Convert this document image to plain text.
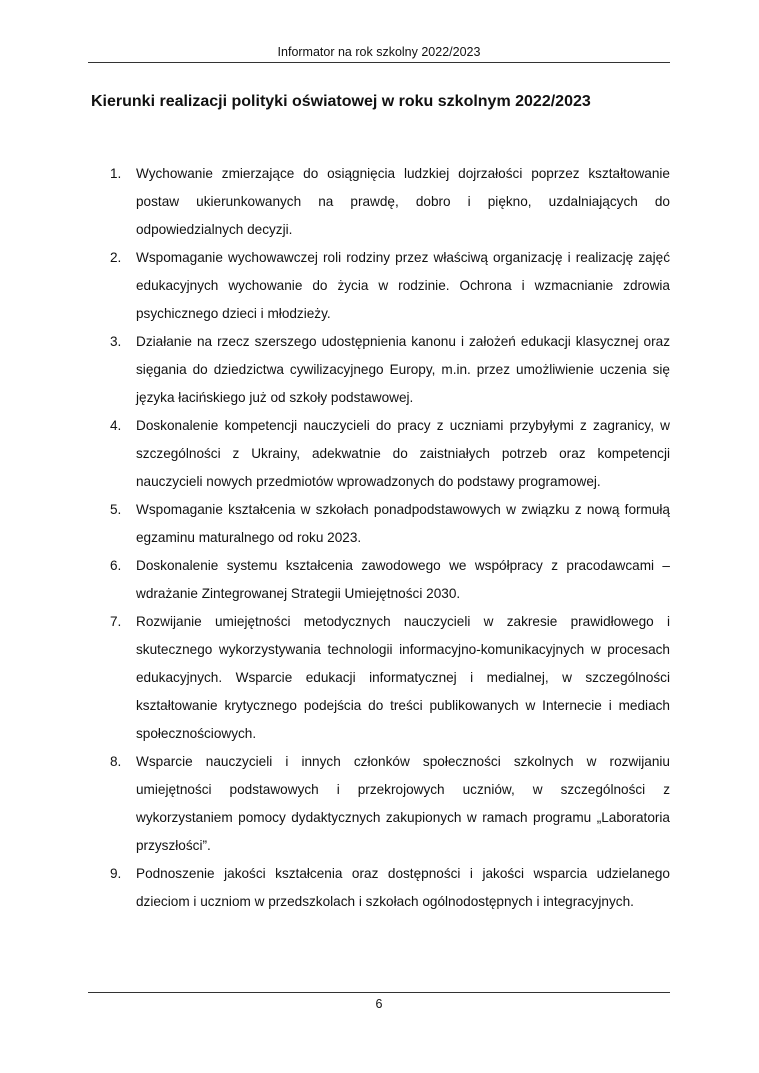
Informator na rok szkolny 2022/2023
Kierunki realizacji polityki oświatowej w roku szkolnym 2022/2023
1. Wychowanie zmierzające do osiągnięcia ludzkiej dojrzałości poprzez kształtowanie postaw ukierunkowanych na prawdę, dobro i piękno, uzdalniających do odpowiedzialnych decyzji.
2. Wspomaganie wychowawczej roli rodziny przez właściwą organizację i realizację zajęć edukacyjnych wychowanie do życia w rodzinie. Ochrona i wzmacnianie zdrowia psychicznego dzieci i młodzieży.
3. Działanie na rzecz szerszego udostępnienia kanonu i założeń edukacji klasycznej oraz sięgania do dziedzictwa cywilizacyjnego Europy, m.in. przez umożliwienie uczenia się języka łacińskiego już od szkoły podstawowej.
4. Doskonalenie kompetencji nauczycieli do pracy z uczniami przybyłymi z zagranicy, w szczególności z Ukrainy, adekwatnie do zaistniałych potrzeb oraz kompetencji nauczycieli nowych przedmiotów wprowadzonych do podstawy programowej.
5. Wspomaganie kształcenia w szkołach ponadpodstawowych w związku z nową formułą egzaminu maturalnego od roku 2023.
6. Doskonalenie systemu kształcenia zawodowego we współpracy z pracodawcami – wdrażanie Zintegrowanej Strategii Umiejętności 2030.
7. Rozwijanie umiejętności metodycznych nauczycieli w zakresie prawidłowego i skutecznego wykorzystywania technologii informacyjno-komunikacyjnych w procesach edukacyjnych. Wsparcie edukacji informatycznej i medialnej, w szczególności kształtowanie krytycznego podejścia do treści publikowanych w Internecie i mediach społecznościowych.
8. Wsparcie nauczycieli i innych członków społeczności szkolnych w rozwijaniu umiejętności podstawowych i przekrojowych uczniów, w szczególności z wykorzystaniem pomocy dydaktycznych zakupionych w ramach programu „Laboratoria przyszłości”.
9. Podnoszenie jakości kształcenia oraz dostępności i jakości wsparcia udzielanego dzieciom i uczniom w przedszkolach i szkołach ogólnodostępnych i integracyjnych.
6
